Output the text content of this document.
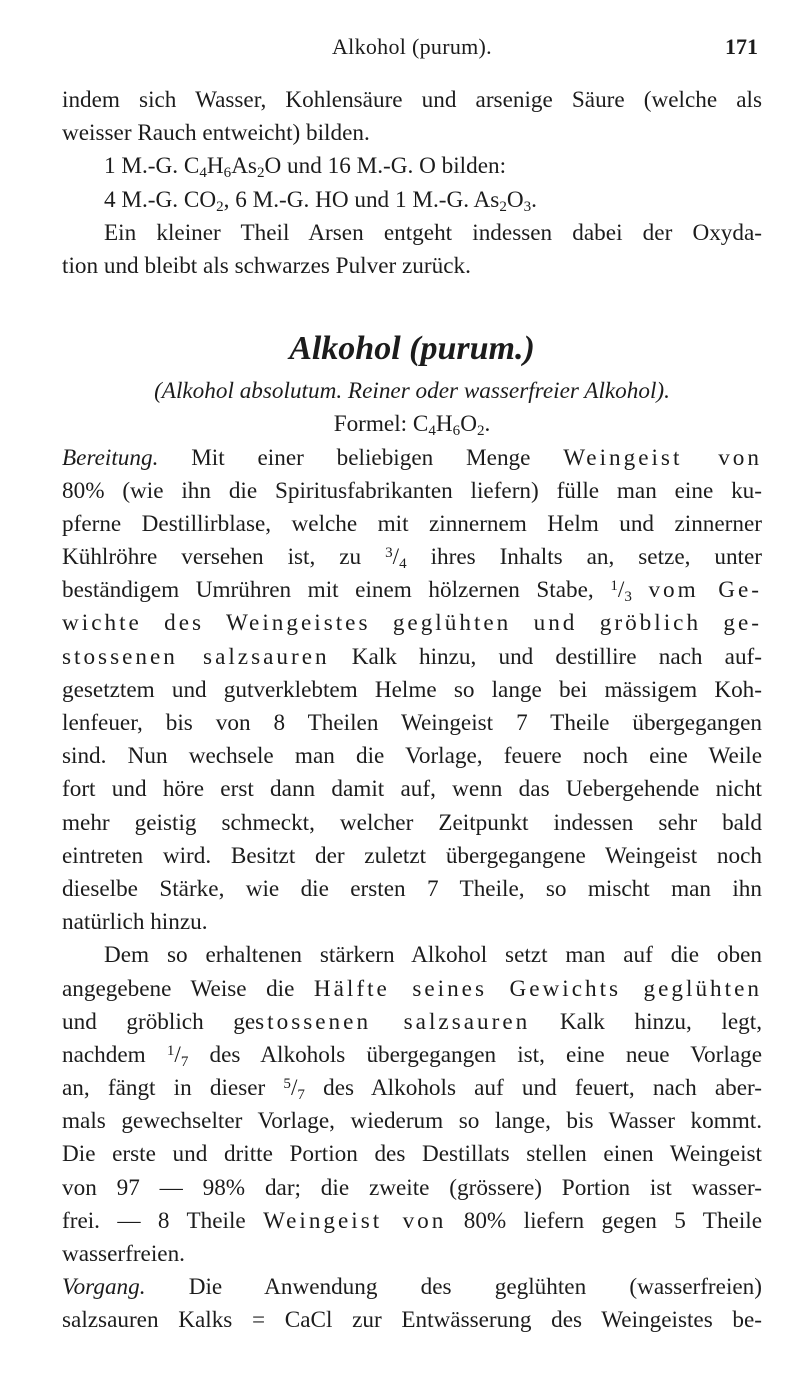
Alkohol (purum).	171
indem sich Wasser, Kohlensäure und arsenige Säure (welche als
weisser Rauch entweicht) bilden.
1 M.-G. $C_4H_6As_2O$ und 16 M.-G. O bilden:
4 M.-G. $CO_2$, 6 M.-G. HO und 1 M.-G. $As_2O_3$.
Ein kleiner Theil Arsen entgeht indessen dabei der Oxyda-
tion und bleibt als schwarzes Pulver zurück.
Alkohol (purum.)
(Alkohol absolutum. Reiner oder wasserfreier Alkohol).
Formel: $C_4H_6O_2$.
Bereitung. Mit einer beliebigen Menge Weingeist von
80% (wie ihn die Spiritusfabrikanten liefern) fülle man eine ku-
pferne Destillirblase, welche mit zinnernem Helm und zinnerner
Kühlröhre versehen ist, zu $^3/_4$ ihres Inhalts an, setze, unter
beständigem Umrühren mit einem hölzernen Stabe, $^1/_3$ vom Ge-
wichte des Weingeistes geglühten und gröblich ge-
stossenen salzsauren Kalk hinzu, und destillire nach auf-
gesetztem und gutverklebtem Helme so lange bei mässigem Koh-
lenfeuer, bis von 8 Theilen Weingeist 7 Theile übergegangen
sind. Nun wechsele man die Vorlage, feuere noch eine Weile
fort und höre erst dann damit auf, wenn das Uebergehende nicht
mehr geistig schmeckt, welcher Zeitpunkt indessen sehr bald
eintreten wird. Besitzt der zuletzt übergegangene Weingeist noch
dieselbe Stärke, wie die ersten 7 Theile, so mischt man ihn
natürlich hinzu.
Dem so erhaltenen stärkern Alkohol setzt man auf die oben
angegebene Weise die Hälfte seines Gewichts geglühten
und gröblich gestossenen salzsauren Kalk hinzu, legt,
nachdem $^1/_7$ des Alkohols übergegangen ist, eine neue Vorlage
an, fängt in dieser $^5/_7$ des Alkohols auf und feuert, nach aber-
mals gewechselter Vorlage, wiederum so lange, bis Wasser kommt.
Die erste und dritte Portion des Destillats stellen einen Weingeist
von 97 — 98% dar; die zweite (grössere) Portion ist wasser-
frei. — 8 Theile Weingeist von 80% liefern gegen 5 Theile
wasserfreien.
Vorgang. Die Anwendung des geglühten (wasserfreien)
salzsauren Kalks = CaCl zur Entwässerung des Weingeistes be-
